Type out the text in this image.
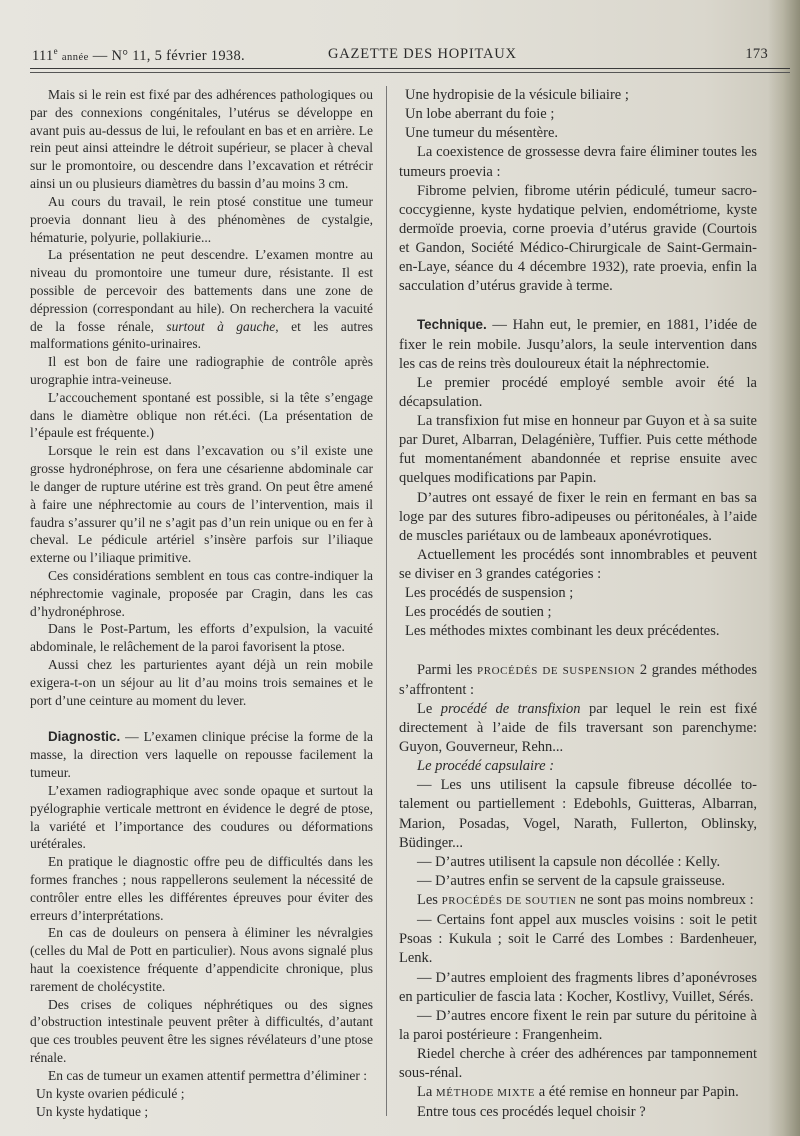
111e année — N° 11, 5 février 1938.	GAZETTE DES HOPITAUX	173

Mais si le rein est fixé par des adhérences pathologiques ou par des connexions congénitales, l’utérus se développe en avant puis au-dessus de lui, le refoulant en bas et en arrière. Le rein peut ainsi atteindre le détroit supérieur, se placer à cheval sur le promontoire, ou descendre dans l’excavation et rétrécir ainsi un ou plusieurs diamètres du bassin d’au moins 3 cm.

Au cours du travail, le rein ptosé constitue une tumeur proevia donnant lieu à des phénomènes de cystalgie, hématurie, polyurie, pollakiurie...

La présentation ne peut descendre. L’examen montre au niveau du promontoire une tumeur dure, résistante. Il est possible de percevoir des battements dans une zone de dépression (correspondant au hile). On recherchera la vacuité de la fosse rénale, surtout à gauche, et les autres malformations génito-urinaires.

Il est bon de faire une radiographie de contrôle après urographie intra-veineuse.

L’accouchement spontané est possible, si la tête s’engage dans le diamètre oblique non rét.éci. (La présentation de l’épaule est fréquente.)

Lorsque le rein est dans l’excavation ou s’il existe une grosse hydronéphrose, on fera une césarienne abdominale car le danger de rupture utérine est très grand. On peut être amené à faire une néphrectomie au cours de l’intervention, mais il faudra s’assurer qu’il ne s’agit pas d’un rein unique ou en fer à cheval. Le pédicule artériel s’insère parfois sur l’iliaque externe ou l’iliaque primitive.

Ces considérations semblent en tous cas contre-indiquer la néphrectomie vaginale, proposée par Cragin, dans les cas d’hydronéphrose.

Dans le Post-Partum, les efforts d’expulsion, la vacuité abdominale, le relâchement de la paroi favorisent la ptose.

Aussi chez les parturientes ayant déjà un rein mobile exigera-t-on un séjour au lit d’au moins trois semaines et le port d’une ceinture au moment du lever.

Diagnostic. — L’examen clinique précise la forme de la masse, la direction vers laquelle on repousse facilement la tumeur.

L’examen radiographique avec sonde opaque et surtout la pyélographie verticale mettront en évidence le degré de ptose, la variété et l’importance des coudures ou déformations urétérales.

En pratique le diagnostic offre peu de difficultés dans les formes franches ; nous rappellerons seulement la nécessité de contrôler entre elles les différentes épreuves pour éviter des erreurs d’interprétations.

En cas de douleurs on pensera à éliminer les névralgies (celles du Mal de Pott en particulier). Nous avons signalé plus haut la coexistence fréquente d’appendicite chronique, plus rarement de cholécystite.

Des crises de coliques néphrétiques ou des signes d’obstruction intestinale peuvent prêter à difficultés, d’autant que ces troubles peuvent être les signes révélateurs d’une ptose rénale.

En cas de tumeur un examen attentif permettra d’éliminer :

Un kyste ovarien pédiculé ;

Un kyste hydatique ;

Une hydropisie de la vésicule biliaire ;

Un lobe aberrant du foie ;

Une tumeur du mésentère.

La coexistence de grossesse devra faire éliminer toutes les tumeurs proevia :

Fibrome pelvien, fibrome utérin pédiculé, tumeur sacro-coccygienne, kyste hydatique pelvien, endométriome, kyste dermoïde proevia, corne proevia d’utérus gravide (Courtois et Gandon, Société Médico-Chirurgicale de Saint-Germain-en-Laye, séance du 4 décembre 1932), rate proevia, enfin la sacculation d’utérus gravide à terme.

Technique. — Hahn eut, le premier, en 1881, l’idée de fixer le rein mobile. Jusqu’alors, la seule intervention dans les cas de reins très douloureux était la néphrectomie.

Le premier procédé employé semble avoir été la décapsulation.

La transfixion fut mise en honneur par Guyon et à sa suite par Duret, Albarran, Delagénière, Tuffier. Puis cette méthode fut momentanément abandonnée et reprise ensuite avec quelques modifications par Papin.

D’autres ont essayé de fixer le rein en fermant en bas sa loge par des sutures fibro-adipeuses ou péritonéales, à l’aide de muscles pariétaux ou de lambeaux aponévrotiques.

Actuellement les procédés sont innombrables et peuvent se diviser en 3 grandes catégories :

Les procédés de suspension ;

Les procédés de soutien ;

Les méthodes mixtes combinant les deux précédentes.

Parmi les PROCÉDÉS DE SUSPENSION 2 grandes méthodes s’affrontent :

Le procédé de transfixion par lequel le rein est fixé directement à l’aide de fils traversant son parenchyme: Guyon, Gouverneur, Rehn...

Le procédé capsulaire :

— Les uns utilisent la capsule fibreuse décollée totalement ou partiellement : Edebohls, Guitteras, Albarran, Marion, Posadas, Vogel, Narath, Fullerton, Oblinsky, Büdinger...

— D’autres utilisent la capsule non décollée : Kelly.

— D’autres enfin se servent de la capsule graisseuse.

Les PROCÉDÉS DE SOUTIEN ne sont pas moins nombreux :

— Certains font appel aux muscles voisins : soit le petit Psoas : Kukula ; soit le Carré des Lombes : Bardenheuer, Lenk.

— D’autres emploient des fragments libres d’aponévroses en particulier de fascia lata : Kocher, Kostlivy, Vuillet, Sérés.

— D’autres encore fixent le rein par suture du péritoine à la paroi postérieure : Frangenheim.

Riedel cherche à créer des adhérences par tamponnement sous-rénal.

La MÉTHODE MIXTE a été remise en honneur par Papin.

Entre tous ces procédés lequel choisir ?
